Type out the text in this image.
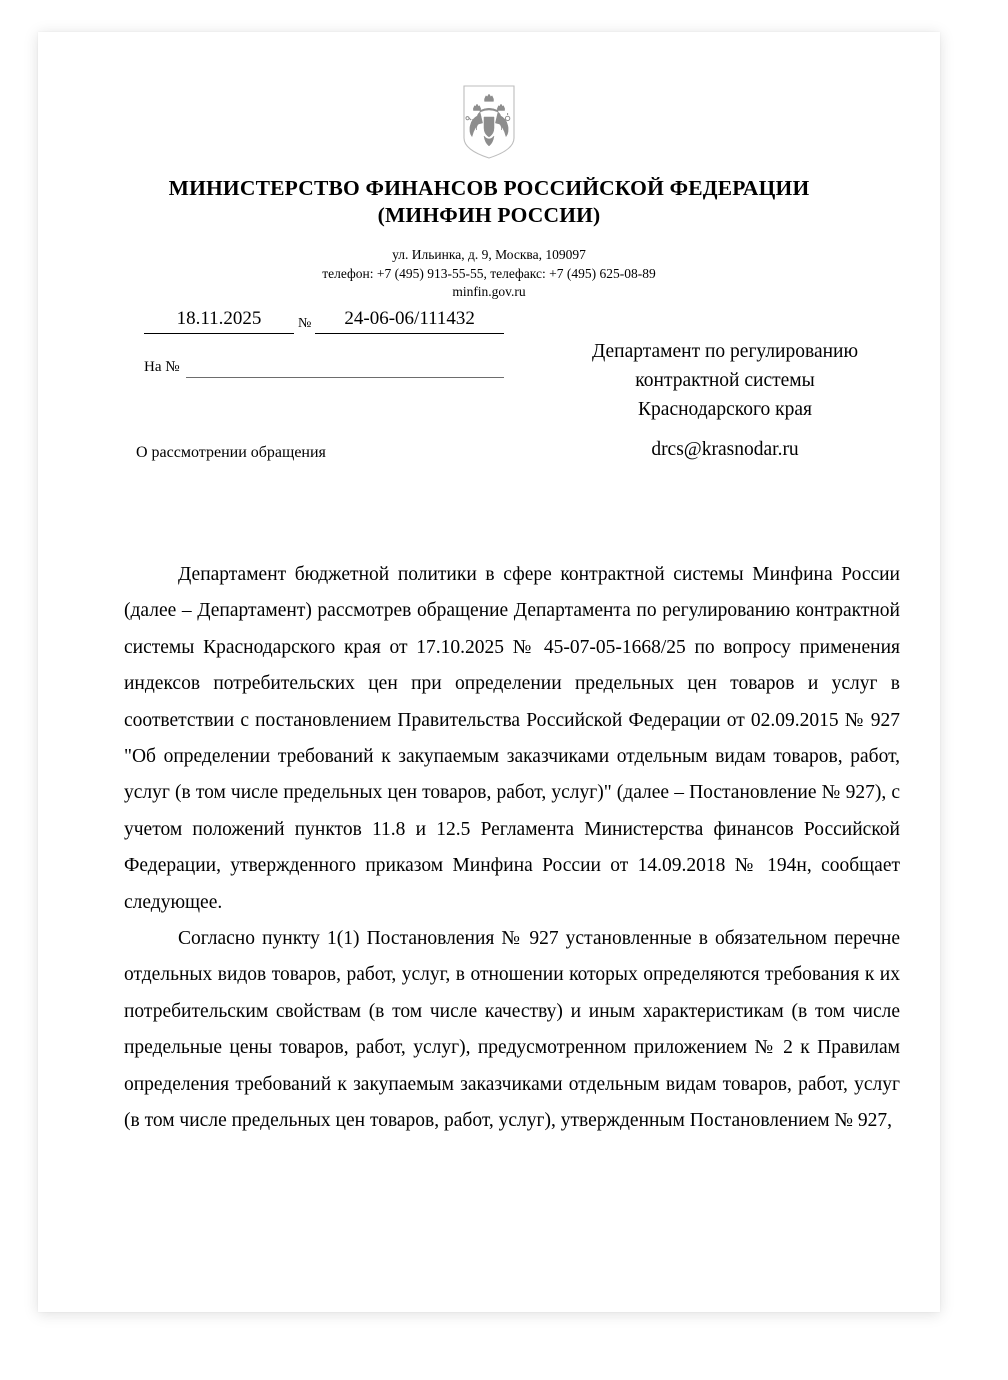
МИНИСТЕРСТВО ФИНАНСОВ РОССИЙСКОЙ ФЕДЕРАЦИИ
(МИНФИН РОССИИ)
ул. Ильинка, д. 9, Москва, 109097
телефон: +7 (495) 913-55-55, телефакс: +7 (495) 625-08-89
minfin.gov.ru
18.11.2025	№	24-06-06/111432
На №
Департамент по регулированию
контрактной системы
Краснодарского края
drcs@krasnodar.ru
О рассмотрении обращения

Департамент бюджетной политики в сфере контрактной системы Минфина России (далее – Департамент) рассмотрев обращение Департамента по регулированию контрактной системы Краснодарского края от 17.10.2025 № 45-07-05-1668/25 по вопросу применения индексов потребительских цен при определении предельных цен товаров и услуг в соответствии с постановлением Правительства Российской Федерации от 02.09.2015 № 927 "Об определении требований к закупаемым заказчиками отдельным видам товаров, работ, услуг (в том числе предельных цен товаров, работ, услуг)" (далее – Постановление № 927), с учетом положений пунктов 11.8 и 12.5 Регламента Министерства финансов Российской Федерации, утвержденного приказом Минфина России от 14.09.2018 № 194н, сообщает следующее.

Согласно пункту 1(1) Постановления № 927 установленные в обязательном перечне отдельных видов товаров, работ, услуг, в отношении которых определяются требования к их потребительским свойствам (в том числе качеству) и иным характеристикам (в том числе предельные цены товаров, работ, услуг), предусмотренном приложением № 2 к Правилам определения требований к закупаемым заказчиками отдельным видам товаров, работ, услуг (в том числе предельных цен товаров, работ, услуг), утвержденным Постановлением № 927,
